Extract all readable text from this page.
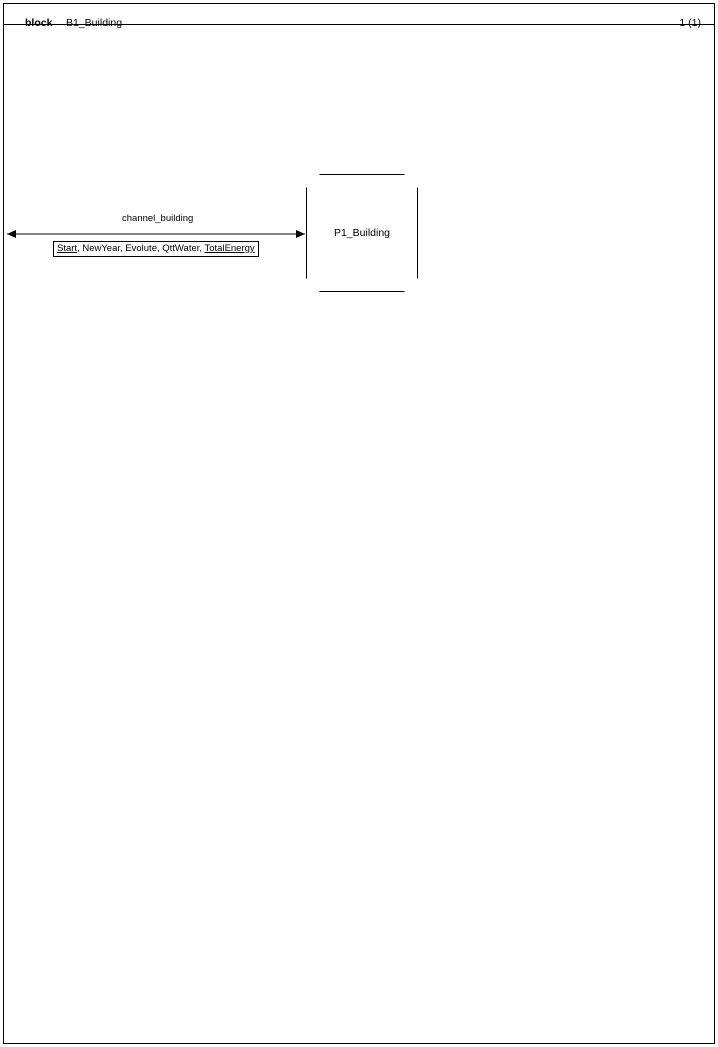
block B1_Building	1 (1)
P1_Building
channel_building
Start, NewYear, Evolute, QttWater, TotalEnergy
